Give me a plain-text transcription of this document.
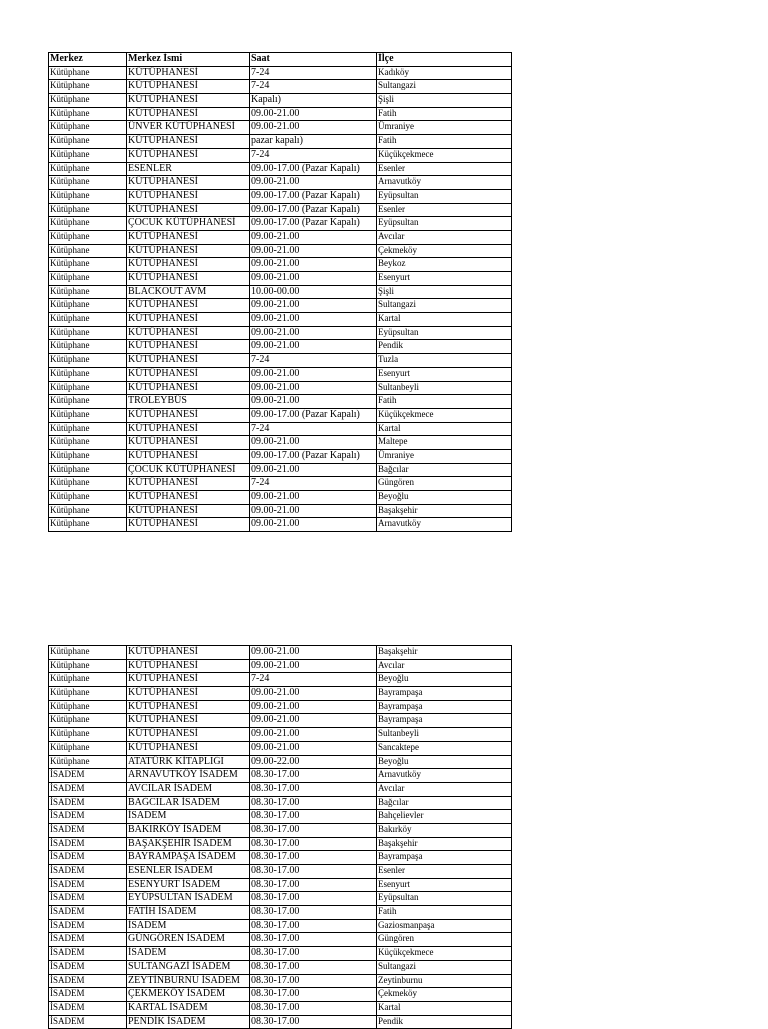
Merkez	Merkez İsmi	Saat	İlçe
Kütüphane	KÜTÜPHANESİ	7-24	Kadıköy
Kütüphane	KÜTÜPHANESİ	7-24	Sultangazi
Kütüphane	KÜTÜPHANESİ	Kapalı)	Şişli
Kütüphane	KÜTÜPHANESİ	09.00-21.00	Fatih
Kütüphane	ÜNVER KÜTÜPHANESİ	09.00-21.00	Ümraniye
Kütüphane	KÜTÜPHANESİ	pazar kapalı)	Fatih
Kütüphane	KÜTÜPHANESİ	7-24	Küçükçekmece
Kütüphane	ESENLER	09.00-17.00 (Pazar Kapalı)	Esenler
Kütüphane	KÜTÜPHANESİ	09.00-21.00	Arnavutköy
Kütüphane	KÜTÜPHANESİ	09.00-17.00 (Pazar Kapalı)	Eyüpsultan
Kütüphane	KÜTÜPHANESİ	09.00-17.00 (Pazar Kapalı)	Esenler
Kütüphane	ÇOCUK KÜTÜPHANESİ	09.00-17.00 (Pazar Kapalı)	Eyüpsultan
Kütüphane	KÜTÜPHANESİ	09.00-21.00	Avcılar
Kütüphane	KÜTÜPHANESİ	09.00-21.00	Çekmeköy
Kütüphane	KÜTÜPHANESİ	09.00-21.00	Beykoz
Kütüphane	KÜTÜPHANESİ	09.00-21.00	Esenyurt
Kütüphane	BLACKOUT AVM	10.00-00.00	Şişli
Kütüphane	KÜTÜPHANESİ	09.00-21.00	Sultangazi
Kütüphane	KÜTÜPHANESİ	09.00-21.00	Kartal
Kütüphane	KÜTÜPHANESİ	09.00-21.00	Eyüpsultan
Kütüphane	KÜTÜPHANESİ	09.00-21.00	Pendik
Kütüphane	KÜTÜPHANESİ	7-24	Tuzla
Kütüphane	KÜTÜPHANESİ	09.00-21.00	Esenyurt
Kütüphane	KÜTÜPHANESİ	09.00-21.00	Sultanbeyli
Kütüphane	TROLEYBÜS	09.00-21.00	Fatih
Kütüphane	KÜTÜPHANESİ	09.00-17.00 (Pazar Kapalı)	Küçükçekmece
Kütüphane	KÜTÜPHANESİ	7-24	Kartal
Kütüphane	KÜTÜPHANESİ	09.00-21.00	Maltepe
Kütüphane	KÜTÜPHANESİ	09.00-17.00 (Pazar Kapalı)	Ümraniye
Kütüphane	ÇOCUK KÜTÜPHANESİ	09.00-21.00	Bağcılar
Kütüphane	KÜTÜPHANESİ	7-24	Güngören
Kütüphane	KÜTÜPHANESİ	09.00-21.00	Beyoğlu
Kütüphane	KÜTÜPHANESİ	09.00-21.00	Başakşehir
Kütüphane	KÜTÜPHANESİ	09.00-21.00	Arnavutköy
Kütüphane	KÜTÜPHANESİ	09.00-21.00	Başakşehir
Kütüphane	KÜTÜPHANESİ	09.00-21.00	Avcılar
Kütüphane	KÜTÜPHANESİ	7-24	Beyoğlu
Kütüphane	KÜTÜPHANESİ	09.00-21.00	Bayrampaşa
Kütüphane	KÜTÜPHANESİ	09.00-21.00	Bayrampaşa
Kütüphane	KÜTÜPHANESİ	09.00-21.00	Bayrampaşa
Kütüphane	KÜTÜPHANESİ	09.00-21.00	Sultanbeyli
Kütüphane	KÜTÜPHANESİ	09.00-21.00	Sancaktepe
Kütüphane	ATATÜRK KİTAPLIĞI	09.00-22.00	Beyoğlu
İSADEM	ARNAVUTKÖY İSADEM	08.30-17.00	Arnavutköy
İSADEM	AVCILAR İSADEM	08.30-17.00	Avcılar
İSADEM	BAĞCILAR İSADEM	08.30-17.00	Bağcılar
İSADEM	İSADEM	08.30-17.00	Bahçelievler
İSADEM	BAKIRKÖY İSADEM	08.30-17.00	Bakırköy
İSADEM	BAŞAKŞEHİR İSADEM	08.30-17.00	Başakşehir
İSADEM	BAYRAMPAŞA İSADEM	08.30-17.00	Bayrampaşa
İSADEM	ESENLER İSADEM	08.30-17.00	Esenler
İSADEM	ESENYURT İSADEM	08.30-17.00	Esenyurt
İSADEM	EYÜPSULTAN İSADEM	08.30-17.00	Eyüpsultan
İSADEM	FATİH İSADEM	08.30-17.00	Fatih
İSADEM	İSADEM	08.30-17.00	Gaziosmanpaşa
İSADEM	GÜNGÖREN İSADEM	08.30-17.00	Güngören
İSADEM	İSADEM	08.30-17.00	Küçükçekmece
İSADEM	SULTANGAZİ İSADEM	08.30-17.00	Sultangazi
İSADEM	ZEYTİNBURNU İSADEM	08.30-17.00	Zeytinburnu
İSADEM	ÇEKMEKÖY İSADEM	08.30-17.00	Çekmeköy
İSADEM	KARTAL İSADEM	08.30-17.00	Kartal
İSADEM	PENDİK İSADEM	08.30-17.00	Pendik
